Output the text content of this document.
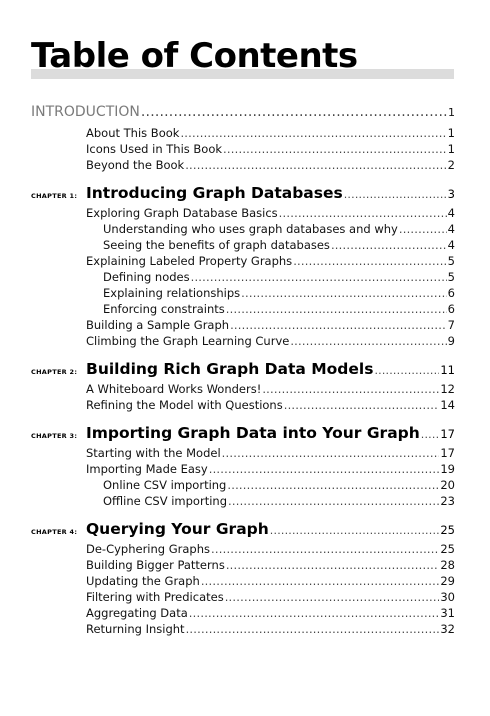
Table of Contents
INTRODUCTION .....	1
About This Book .....	1
Icons Used in This Book .....	1
Beyond the Book .....	2
CHAPTER 1: Introducing Graph Databases .....	3
Exploring Graph Database Basics .....	4
Understanding who uses graph databases and why .....	4
Seeing the benefits of graph databases .....	4
Explaining Labeled Property Graphs .....	5
Defining nodes .....	5
Explaining relationships .....	6
Enforcing constraints .....	6
Building a Sample Graph .....	7
Climbing the Graph Learning Curve .....	9
CHAPTER 2: Building Rich Graph Data Models .....	11
A Whiteboard Works Wonders! .....	12
Refining the Model with Questions .....	14
CHAPTER 3: Importing Graph Data into Your Graph ..... 17
Starting with the Model .....	17
Importing Made Easy .....	19
Online CSV importing .....	20
Offline CSV importing .....	23
CHAPTER 4: Querying Your Graph .....	25
De-Cyphering Graphs .....	25
Building Bigger Patterns .....	28
Updating the Graph .....	29
Filtering with Predicates .....	30
Aggregating Data .....	31
Returning Insight .....	32
